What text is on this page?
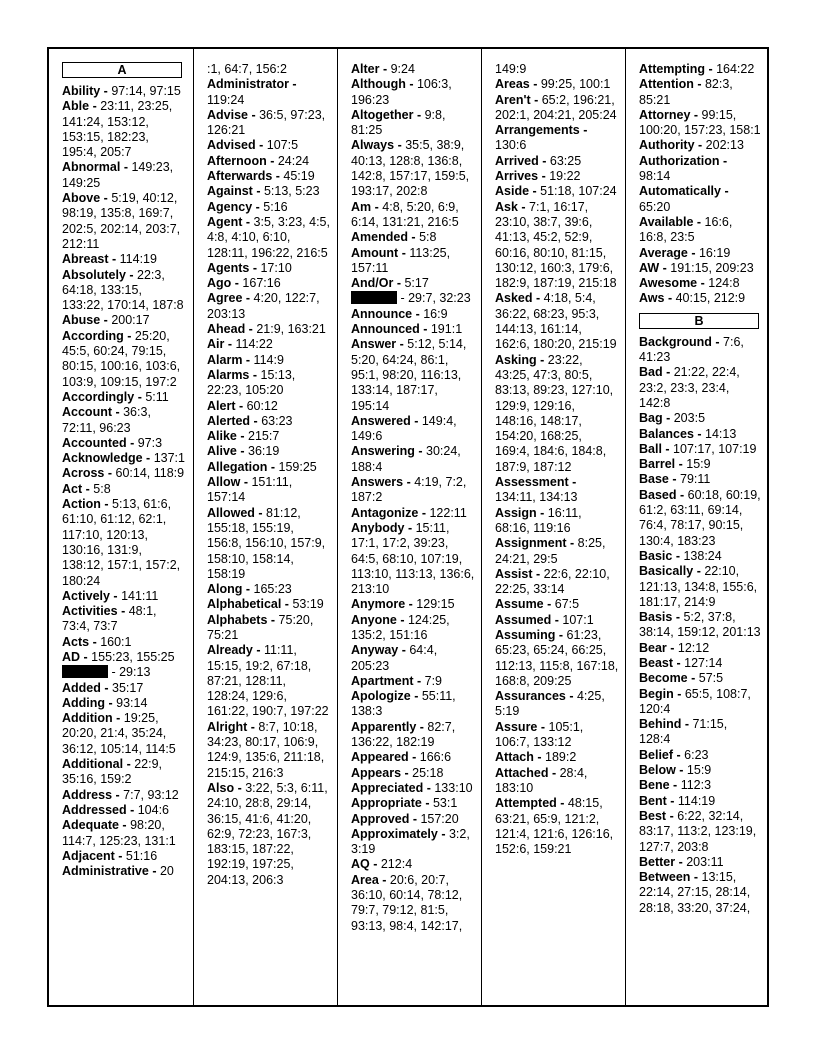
A
Ability - 97:14, 97:15
Able - 23:11, 23:25, 141:24, 153:12, 153:15, 182:23, 195:4, 205:7
Abnormal - 149:23, 149:25
Above - 5:19, 40:12, 98:19, 135:8, 169:7, 202:5, 202:14, 203:7, 212:11
Abreast - 114:19
Absolutely - 22:3, 64:18, 133:15, 133:22, 170:14, 187:8
Abuse - 200:17
According - 25:20, 45:5, 60:24, 79:15, 80:15, 100:16, 103:6, 103:9, 109:15, 197:2
Accordingly - 5:11
Account - 36:3, 72:11, 96:23
Accounted - 97:3
Acknowledge - 137:1
Across - 60:14, 118:9
Act - 5:8
Action - 5:13, 61:6, 61:10, 61:12, 62:1, 117:10, 120:13, 130:16, 131:9, 138:12, 157:1, 157:2, 180:24
Actively - 141:11
Activities - 48:1, 73:4, 73:7
Acts - 160:1
AD - 155:23, 155:25
- 29:13
Added - 35:17
Adding - 93:14
Addition - 19:25, 20:20, 21:4, 35:24, 36:12, 105:14, 114:5
Additional - 22:9, 35:16, 159:2
Address - 7:7, 93:12
Addressed - 104:6
Adequate - 98:20, 114:7, 125:23, 131:1
Adjacent - 51:16
Administrative - 20
:1, 64:7, 156:2
Administrator - 119:24
Advise - 36:5, 97:23, 126:21
Advised - 107:5
Afternoon - 24:24
Afterwards - 45:19
Against - 5:13, 5:23
Agency - 5:16
Agent - 3:5, 3:23, 4:5, 4:8, 4:10, 6:10, 128:11, 196:22, 216:5
Agents - 17:10
Ago - 167:16
Agree - 4:20, 122:7, 203:13
Ahead - 21:9, 163:21
Air - 114:22
Alarm - 114:9
Alarms - 15:13, 22:23, 105:20
Alert - 60:12
Alerted - 63:23
Alike - 215:7
Alive - 36:19
Allegation - 159:25
Allow - 151:11, 157:14
Allowed - 81:12, 155:18, 155:19, 156:8, 156:10, 157:9, 158:10, 158:14, 158:19
Along - 165:23
Alphabetical - 53:19
Alphabets - 75:20, 75:21
Already - 11:11, 15:15, 19:2, 67:18, 87:21, 128:11, 128:24, 129:6, 161:22, 190:7, 197:22
Alright - 8:7, 10:18, 34:23, 80:17, 106:9, 124:9, 135:6, 211:18, 215:15, 216:3
Also - 3:22, 5:3, 6:11, 24:10, 28:8, 29:14, 36:15, 41:6, 41:20, 62:9, 72:23, 167:3, 183:15, 187:22, 192:19, 197:25, 204:13, 206:3
Alter - 9:24
Although - 106:3, 196:23
Altogether - 9:8, 81:25
Always - 35:5, 38:9, 40:13, 128:8, 136:8, 142:8, 157:17, 159:5, 193:17, 202:8
Am - 4:8, 5:20, 6:9, 6:14, 131:21, 216:5
Amended - 5:8
Amount - 113:25, 157:11
And/Or - 5:17
- 29:7, 32:23
Announce - 16:9
Announced - 191:1
Answer - 5:12, 5:14, 5:20, 64:24, 86:1, 95:1, 98:20, 116:13, 133:14, 187:17, 195:14
Answered - 149:4, 149:6
Answering - 30:24, 188:4
Answers - 4:19, 7:2, 187:2
Antagonize - 122:11
Anybody - 15:11, 17:1, 17:2, 39:23, 64:5, 68:10, 107:19, 113:10, 113:13, 136:6, 213:10
Anymore - 129:15
Anyone - 124:25, 135:2, 151:16
Anyway - 64:4, 205:23
Apartment - 7:9
Apologize - 55:11, 138:3
Apparently - 82:7, 136:22, 182:19
Appeared - 166:6
Appears - 25:18
Appreciated - 133:10
Appropriate - 53:1
Approved - 157:20
Approximately - 3:2, 3:19
AQ - 212:4
Area - 20:6, 20:7, 36:10, 60:14, 78:12, 79:7, 79:12, 81:5, 93:13, 98:4, 142:17,
149:9
Areas - 99:25, 100:1
Aren't - 65:2, 196:21, 202:1, 204:21, 205:24
Arrangements - 130:6
Arrived - 63:25
Arrives - 19:22
Aside - 51:18, 107:24
Ask - 7:1, 16:17, 23:10, 38:7, 39:6, 41:13, 45:2, 52:9, 60:16, 80:10, 81:15, 130:12, 160:3, 179:6, 182:9, 187:19, 215:18
Asked - 4:18, 5:4, 36:22, 68:23, 95:3, 144:13, 161:14, 162:6, 180:20, 215:19
Asking - 23:22, 43:25, 47:3, 80:5, 83:13, 89:23, 127:10, 129:9, 129:16, 148:16, 148:17, 154:20, 168:25, 169:4, 184:6, 184:8, 187:9, 187:12
Assessment - 134:11, 134:13
Assign - 16:11, 68:16, 119:16
Assignment - 8:25, 24:21, 29:5
Assist - 22:6, 22:10, 22:25, 33:14
Assume - 67:5
Assumed - 107:1
Assuming - 61:23, 65:23, 65:24, 66:25, 112:13, 115:8, 167:18, 168:8, 209:25
Assurances - 4:25, 5:19
Assure - 105:1, 106:7, 133:12
Attach - 189:2
Attached - 28:4, 183:10
Attempted - 48:15, 63:21, 65:9, 121:2, 121:4, 121:6, 126:16, 152:6, 159:21
Attempting - 164:22
Attention - 82:3, 85:21
Attorney - 99:15, 100:20, 157:23, 158:1
Authority - 202:13
Authorization - 98:14
Automatically - 65:20
Available - 16:6, 16:8, 23:5
Average - 16:19
AW - 191:15, 209:23
Awesome - 124:8
Aws - 40:15, 212:9
B
Background - 7:6, 41:23
Bad - 21:22, 22:4, 23:2, 23:3, 23:4, 142:8
Bag - 203:5
Balances - 14:13
Ball - 107:17, 107:19
Barrel - 15:9
Base - 79:11
Based - 60:18, 60:19, 61:2, 63:11, 69:14, 76:4, 78:17, 90:15, 130:4, 183:23
Basic - 138:24
Basically - 22:10, 121:13, 134:8, 155:6, 181:17, 214:9
Basis - 5:2, 37:8, 38:14, 159:12, 201:13
Bear - 12:12
Beast - 127:14
Become - 57:5
Begin - 65:5, 108:7, 120:4
Behind - 71:15, 128:4
Belief - 6:23
Below - 15:9
Bene - 112:3
Bent - 114:19
Best - 6:22, 32:14, 83:17, 113:2, 123:19, 127:7, 203:8
Better - 203:11
Between - 13:15, 22:14, 27:15, 28:14, 28:18, 33:20, 37:24,
